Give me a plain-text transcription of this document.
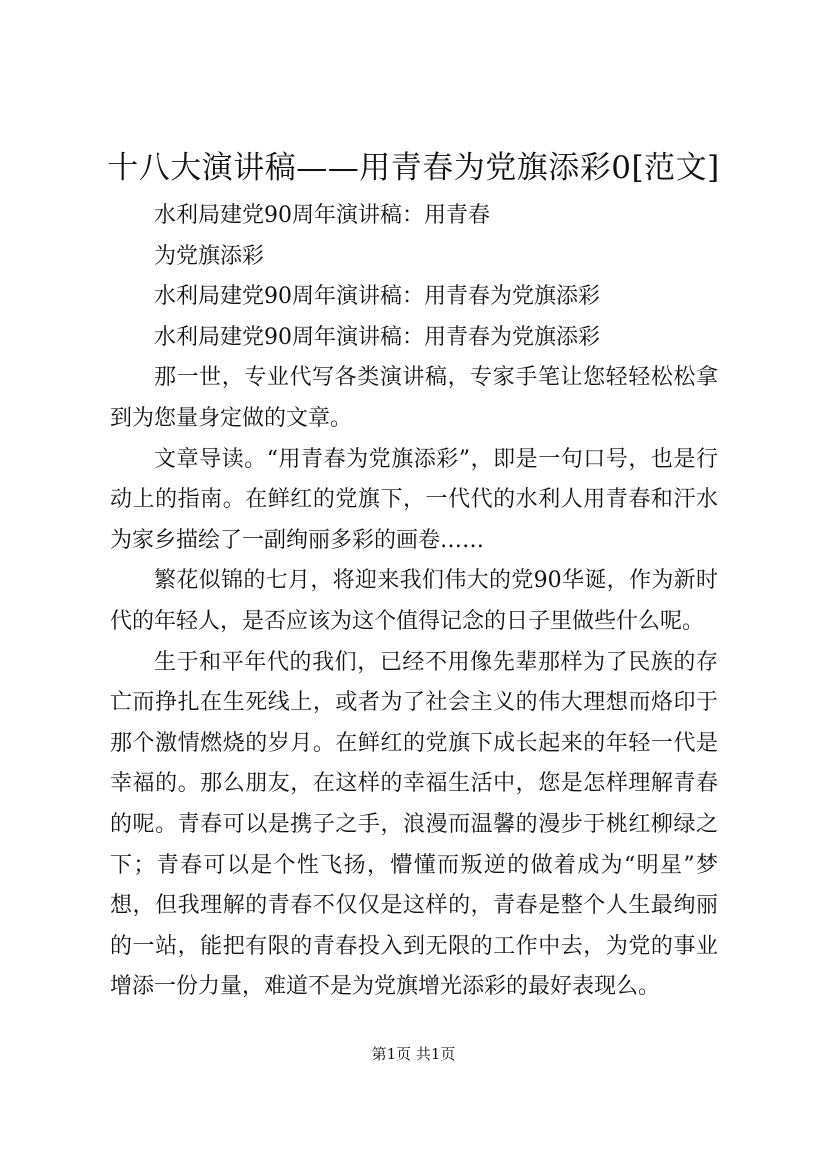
十八大演讲稿——用青春为党旗添彩0[范文]

水利局建党90周年演讲稿：用青春

为党旗添彩

水利局建党90周年演讲稿：用青春为党旗添彩

水利局建党90周年演讲稿：用青春为党旗添彩

那一世，专业代写各类演讲稿，专家手笔让您轻轻松松拿到为您量身定做的文章。

文章导读。“用青春为党旗添彩”，即是一句口号，也是行动上的指南。在鲜红的党旗下，一代代的水利人用青春和汗水为家乡描绘了一副绚丽多彩的画卷……

繁花似锦的七月，将迎来我们伟大的党90华诞，作为新时代的年轻人，是否应该为这个值得记念的日子里做些什么呢。

生于和平年代的我们，已经不用像先辈那样为了民族的存亡而挣扎在生死线上，或者为了社会主义的伟大理想而烙印于那个激情燃烧的岁月。在鲜红的党旗下成长起来的年轻一代是幸福的。那么朋友，在这样的幸福生活中，您是怎样理解青春的呢。青春可以是携子之手，浪漫而温馨的漫步于桃红柳绿之下；青春可以是个性飞扬，懵懂而叛逆的做着成为“明星”梦想，但我理解的青春不仅仅是这样的，青春是整个人生最绚丽的一站，能把有限的青春投入到无限的工作中去，为党的事业增添一份力量，难道不是为党旗增光添彩的最好表现么。

第1页 共1页
